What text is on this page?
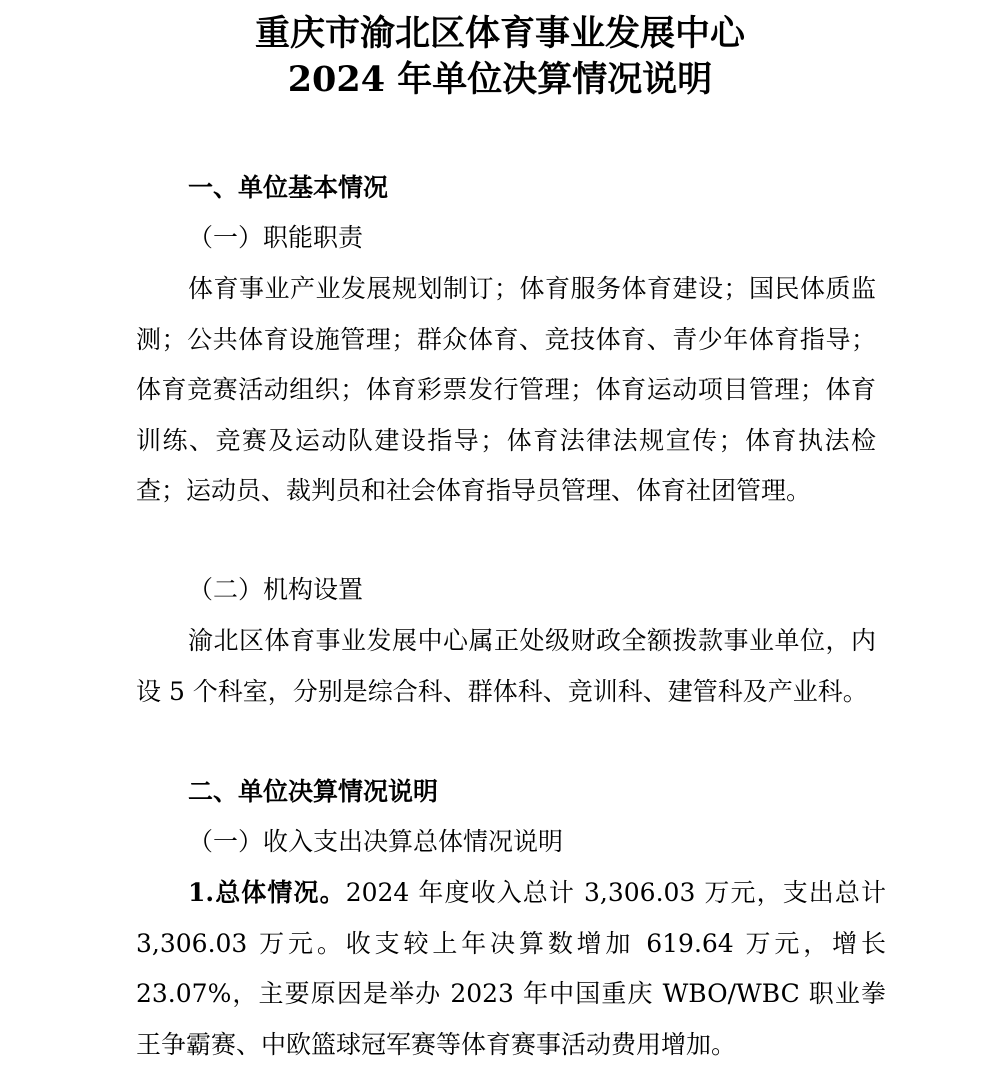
重庆市渝北区体育事业发展中心
2024 年单位决算情况说明
一、单位基本情况
（一）职能职责

体育事业产业发展规划制订；体育服务体育建设；国民体质监测；公共体育设施管理；群众体育、竞技体育、青少年体育指导；体育竞赛活动组织；体育彩票发行管理；体育运动项目管理；体育训练、竞赛及运动队建设指导；体育法律法规宣传；体育执法检查；运动员、裁判员和社会体育指导员管理、体育社团管理。

（二）机构设置

渝北区体育事业发展中心属正处级财政全额拨款事业单位，内设 5 个科室，分别是综合科、群体科、竞训科、建管科及产业科。

二、单位决算情况说明
（一）收入支出决算总体情况说明

1.总体情况。2024 年度收入总计 3,306.03 万元，支出总计 3,306.03 万元。收支较上年决算数增加 619.64 万元，增长 23.07%，主要原因是举办 2023 年中国重庆 WBO/WBC 职业拳王争霸赛、中欧篮球冠军赛等体育赛事活动费用增加。
